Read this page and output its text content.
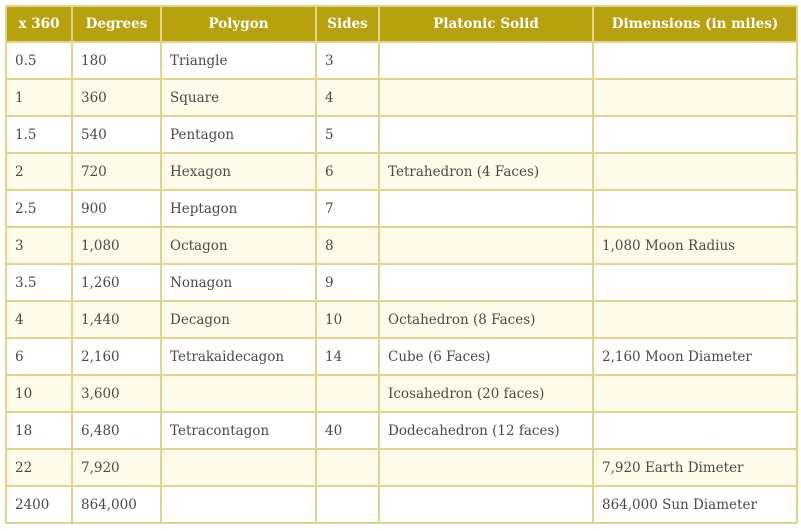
x 360	Degrees	Polygon	Sides	Platonic Solid	Dimensions (in miles)
0.5	180	Triangle	3		
1	360	Square	4		
1.5	540	Pentagon	5		
2	720	Hexagon	6	Tetrahedron (4 Faces)	
2.5	900	Heptagon	7		
3	1,080	Octagon	8		1,080 Moon Radius
3.5	1,260	Nonagon	9		
4	1,440	Decagon	10	Octahedron (8 Faces)	
6	2,160	Tetrakaidecagon	14	Cube (6 Faces)	2,160 Moon Diameter
10	3,600			Icosahedron (20 faces)	
18	6,480	Tetracontagon	40	Dodecahedron (12 faces)	
22	7,920				7,920 Earth Dimeter
2400	864,000				864,000 Sun Diameter
